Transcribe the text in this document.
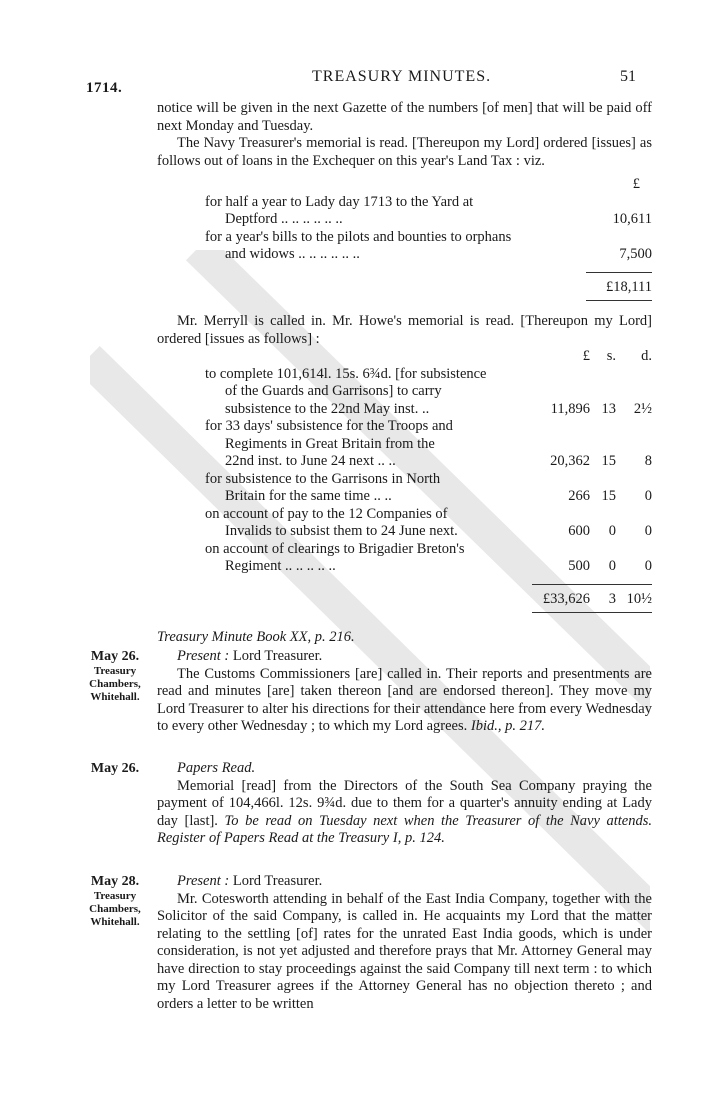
1714.
TREASURY MINUTES.	51

notice will be given in the next Gazette of the numbers [of men] that will be paid off next Monday and Tuesday.

The Navy Treasurer's memorial is read. [Thereupon my Lord] ordered [issues] as follows out of loans in the Exchequer on this year's Land Tax : viz.

£
for half a year to Lady day 1713 to the Yard at
Deptford .. .. .. .. .. ..	10,611
for a year's bills to the pilots and bounties to orphans
and widows .. .. .. .. .. ..	7,500
£18,111

Mr. Merryll is called in. Mr. Howe's memorial is read. [Thereupon my Lord] ordered [issues as follows] :

£	s.	d.
to complete 101,614l. 15s. 6¾d. [for subsistence
of the Guards and Garrisons] to carry
subsistence to the 22nd May inst. ..	11,896 13	2½
for 33 days' subsistence for the Troops and
Regiments in Great Britain from the
22nd inst. to June 24 next .. ..	20,362 15	8
for subsistence to the Garrisons in North
Britain for the same time .. ..	266 15	0
on account of pay to the 12 Companies of
Invalids to subsist them to 24 June next.	600	0	0
on account of clearings to Brigadier Breton's
Regiment .. .. .. .. ..	500	0	0
£33,626	3 10½

Treasury Minute Book XX, p. 216.

May 26.
Treasury
Chambers,
Whitehall.

Present : Lord Treasurer.

The Customs Commissioners [are] called in. Their reports and presentments are read and minutes [are] taken thereon [and are endorsed thereon]. They move my Lord Treasurer to alter his directions for their attendance here from every Wednesday to every other Wednesday ; to which my Lord agrees. Ibid., p. 217.

May 26.	Papers Read.

Memorial [read] from the Directors of the South Sea Company praying the payment of 104,466l. 12s. 9¾d. due to them for a quarter's annuity ending at Lady day [last]. To be read on Tuesday next when the Treasurer of the Navy attends. Register of Papers Read at the Treasury I, p. 124.

May 28.
Treasury
Chambers,
Whitehall.

Present : Lord Treasurer.

Mr. Cotesworth attending in behalf of the East India Company, together with the Solicitor of the said Company, is called in. He acquaints my Lord that the matter relating to the settling [of] rates for the unrated East India goods, which is under consideration, is not yet adjusted and therefore prays that Mr. Attorney General may have direction to stay proceedings against the said Company till next term : to which my Lord Treasurer agrees if the Attorney General has no objection thereto ; and orders a letter to be written
